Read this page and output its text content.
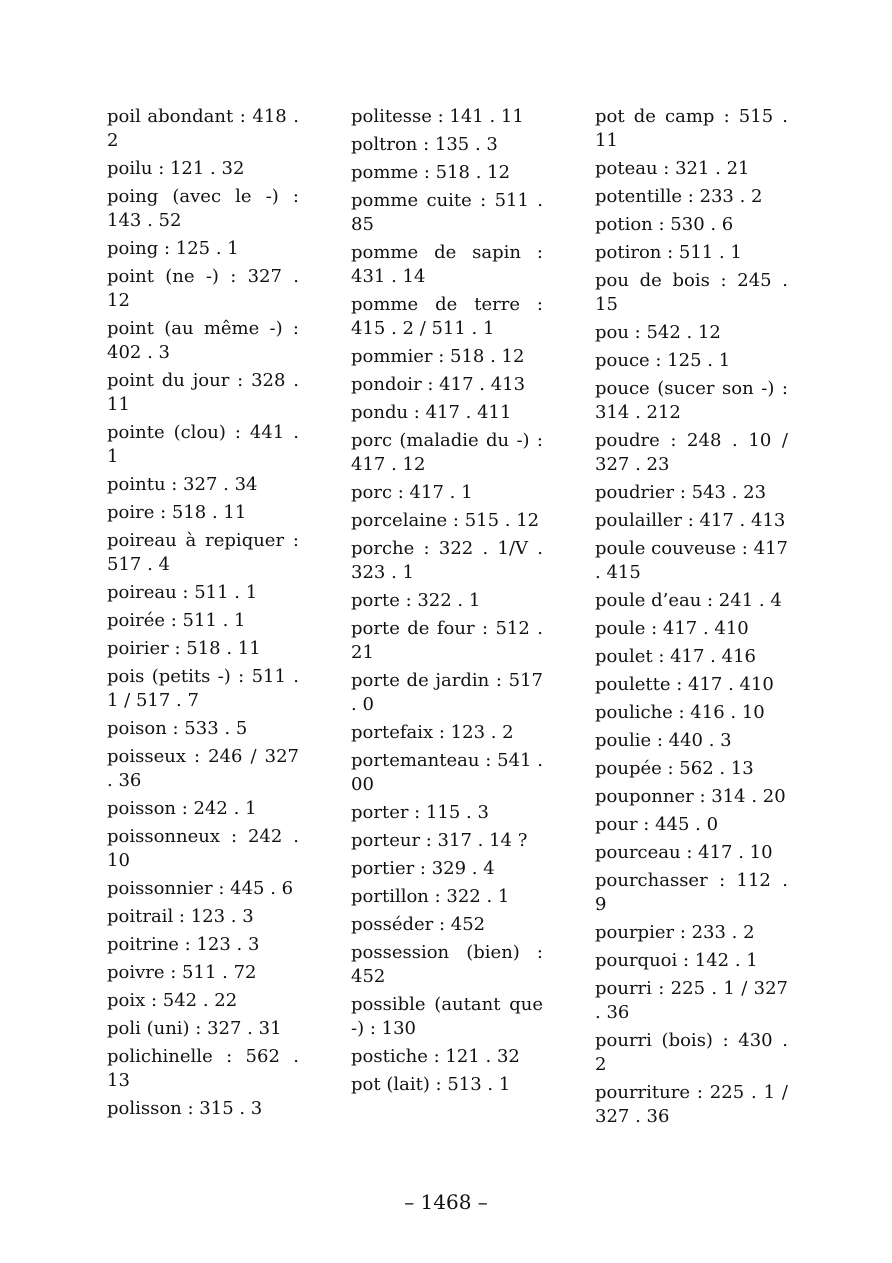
poil abondant : 418 . 2
poilu : 121 . 32
poing (avec le -) : 143 . 52
poing : 125 . 1
point (ne -) : 327 . 12
point (au même -) : 402 . 3
point du jour : 328 . 11
pointe (clou) : 441 . 1
pointu : 327 . 34
poire : 518 . 11
poireau à repiquer : 517 . 4
poireau : 511 . 1
poirée : 511 . 1
poirier : 518 . 11
pois (petits -) : 511 . 1 / 517 . 7
poison : 533 . 5
poisseux : 246 / 327 . 36
poisson : 242 . 1
poissonneux : 242 . 10
poissonnier : 445 . 6
poitrail : 123 . 3
poitrine : 123 . 3
poivre : 511 . 72
poix : 542 . 22
poli (uni) : 327 . 31
polichinelle : 562 . 13
polisson : 315 . 3
politesse : 141 . 11
poltron : 135 . 3
pomme : 518 . 12
pomme cuite : 511 . 85
pomme de sapin : 431 . 14
pomme de terre : 415 . 2 / 511 . 1
pommier : 518 . 12
pondoir : 417 . 413
pondu : 417 . 411
porc (maladie du -) : 417 . 12
porc : 417 . 1
porcelaine : 515 . 12
porche : 322 . 1/V . 323 . 1
porte : 322 . 1
porte de four : 512 . 21
porte de jardin : 517 . 0
portefaix : 123 . 2
portemanteau : 541 . 00
porter : 115 . 3
porteur : 317 . 14 ?
portier : 329 . 4
portillon : 322 . 1
posséder : 452
possession (bien) : 452
possible (autant que -) : 130
postiche : 121 . 32
pot (lait) : 513 . 1
pot de camp : 515 . 11
poteau : 321 . 21
potentille : 233 . 2
potion : 530 . 6
potiron : 511 . 1
pou de bois : 245 . 15
pou : 542 . 12
pouce : 125 . 1
pouce (sucer son -) : 314 . 212
poudre : 248 . 10 / 327 . 23
poudrier : 543 . 23
poulailler : 417 . 413
poule couveuse : 417 . 415
poule d’eau : 241 . 4
poule : 417 . 410
poulet : 417 . 416
poulette : 417 . 410
pouliche : 416 . 10
poulie : 440 . 3
poupée : 562 . 13
pouponner : 314 . 20
pour : 445 . 0
pourceau : 417 . 10
pourchasser : 112 . 9
pourpier : 233 . 2
pourquoi : 142 . 1
pourri : 225 . 1 / 327 . 36
pourri (bois) : 430 . 2
pourriture : 225 . 1 / 327 . 36
– 1468 –
